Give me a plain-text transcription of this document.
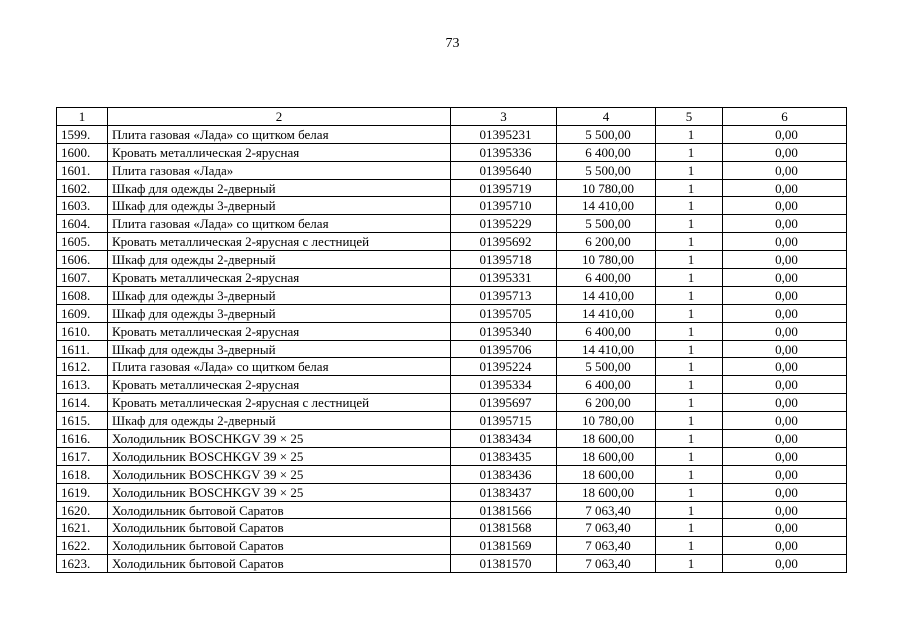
73
1	2	3	4	5	6
1599.	Плита газовая «Лада» со щитком белая	01395231	5 500,00	1	0,00
1600.	Кровать металлическая 2-ярусная	01395336	6 400,00	1	0,00
1601.	Плита газовая «Лада»	01395640	5 500,00	1	0,00
1602.	Шкаф для одежды 2-дверный	01395719	10 780,00	1	0,00
1603.	Шкаф для одежды 3-дверный	01395710	14 410,00	1	0,00
1604.	Плита газовая «Лада» со щитком белая	01395229	5 500,00	1	0,00
1605.	Кровать металлическая 2-ярусная с лестницей	01395692	6 200,00	1	0,00
1606.	Шкаф для одежды 2-дверный	01395718	10 780,00	1	0,00
1607.	Кровать металлическая 2-ярусная	01395331	6 400,00	1	0,00
1608.	Шкаф для одежды 3-дверный	01395713	14 410,00	1	0,00
1609.	Шкаф для одежды 3-дверный	01395705	14 410,00	1	0,00
1610.	Кровать металлическая 2-ярусная	01395340	6 400,00	1	0,00
1611.	Шкаф для одежды 3-дверный	01395706	14 410,00	1	0,00
1612.	Плита газовая «Лада» со щитком белая	01395224	5 500,00	1	0,00
1613.	Кровать металлическая 2-ярусная	01395334	6 400,00	1	0,00
1614.	Кровать металлическая 2-ярусная с лестницей	01395697	6 200,00	1	0,00
1615.	Шкаф для одежды 2-дверный	01395715	10 780,00	1	0,00
1616.	Холодильник BOSCHKGV 39 × 25	01383434	18 600,00	1	0,00
1617.	Холодильник BOSCHKGV 39 × 25	01383435	18 600,00	1	0,00
1618.	Холодильник BOSCHKGV 39 × 25	01383436	18 600,00	1	0,00
1619.	Холодильник BOSCHKGV 39 × 25	01383437	18 600,00	1	0,00
1620.	Холодильник бытовой Саратов	01381566	7 063,40	1	0,00
1621.	Холодильник бытовой Саратов	01381568	7 063,40	1	0,00
1622.	Холодильник бытовой Саратов	01381569	7 063,40	1	0,00
1623.	Холодильник бытовой Саратов	01381570	7 063,40	1	0,00
